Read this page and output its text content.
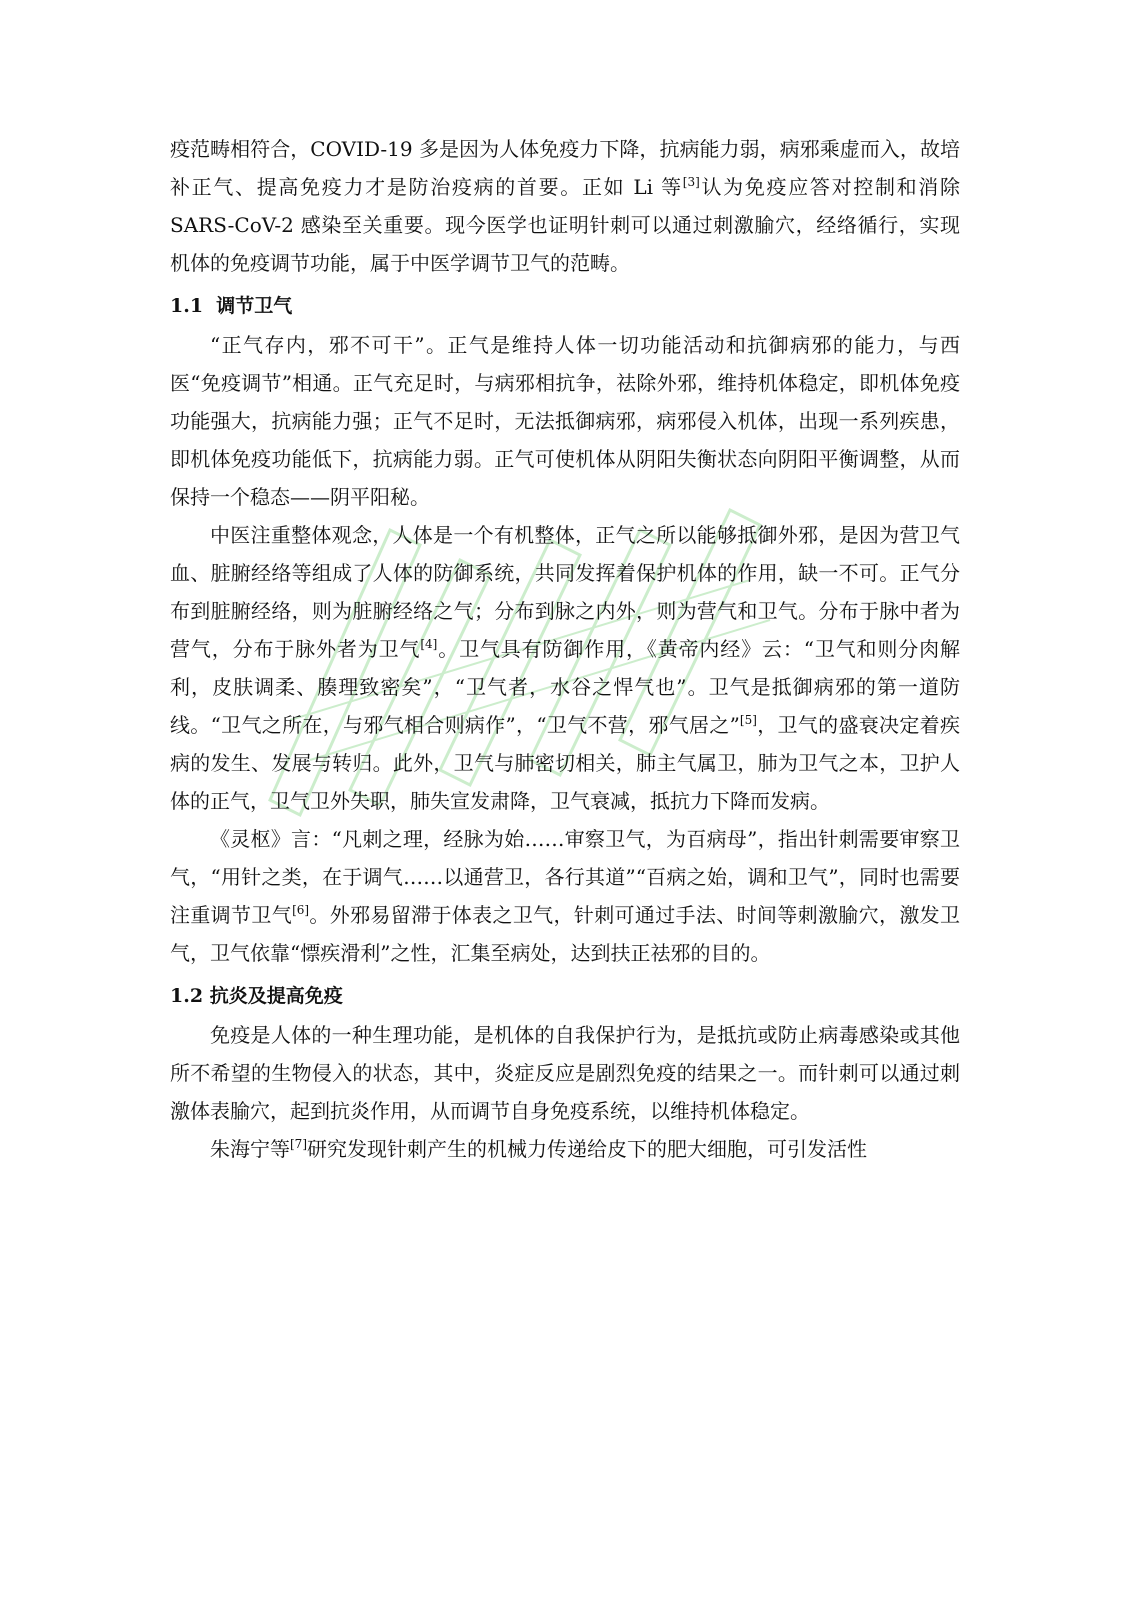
疫范畴相符合，COVID-19 多是因为人体免疫力下降，抗病能力弱，病邪乘虚而入，故培补正气、提高免疫力才是防治疫病的首要。正如 Li 等[3]认为免疫应答对控制和消除 SARS-CoV-2 感染至关重要。现今医学也证明针刺可以通过刺激腧穴，经络循行，实现机体的免疫调节功能，属于中医学调节卫气的范畴。

1.1 调节卫气

“正气存内，邪不可干”。正气是维持人体一切功能活动和抗御病邪的能力，与西医“免疫调节”相通。正气充足时，与病邪相抗争，祛除外邪，维持机体稳定，即机体免疫功能强大，抗病能力强；正气不足时，无法抵御病邪，病邪侵入机体，出现一系列疾患，即机体免疫功能低下，抗病能力弱。正气可使机体从阴阳失衡状态向阴阳平衡调整，从而保持一个稳态——阴平阳秘。

中医注重整体观念，人体是一个有机整体，正气之所以能够抵御外邪，是因为营卫气血、脏腑经络等组成了人体的防御系统，共同发挥着保护机体的作用，缺一不可。正气分布到脏腑经络，则为脏腑经络之气；分布到脉之内外，则为营气和卫气。分布于脉中者为营气，分布于脉外者为卫气[4]。卫气具有防御作用，《黄帝内经》云：“卫气和则分肉解利，皮肤调柔、腠理致密矣”，“卫气者，水谷之悍气也”。卫气是抵御病邪的第一道防线。“卫气之所在，与邪气相合则病作”，“卫气不营，邪气居之”[5]，卫气的盛衰决定着疾病的发生、发展与转归。此外，卫气与肺密切相关，肺主气属卫，肺为卫气之本，卫护人体的正气，卫气卫外失职，肺失宣发肃降，卫气衰减，抵抗力下降而发病。

《灵枢》言：“凡刺之理，经脉为始……审察卫气，为百病母”，指出针刺需要审察卫气，“用针之类，在于调气……以通营卫，各行其道”“百病之始，调和卫气”，同时也需要注重调节卫气[6]。外邪易留滞于体表之卫气，针刺可通过手法、时间等刺激腧穴，激发卫气，卫气依靠“慓疾滑利”之性，汇集至病处，达到扶正祛邪的目的。

1.2 抗炎及提高免疫

免疫是人体的一种生理功能，是机体的自我保护行为，是抵抗或防止病毒感染或其他所不希望的生物侵入的状态，其中，炎症反应是剧烈免疫的结果之一。而针刺可以通过刺激体表腧穴，起到抗炎作用，从而调节自身免疫系统，以维持机体稳定。

朱海宁等[7]研究发现针刺产生的机械力传递给皮下的肥大细胞，可引发活性
